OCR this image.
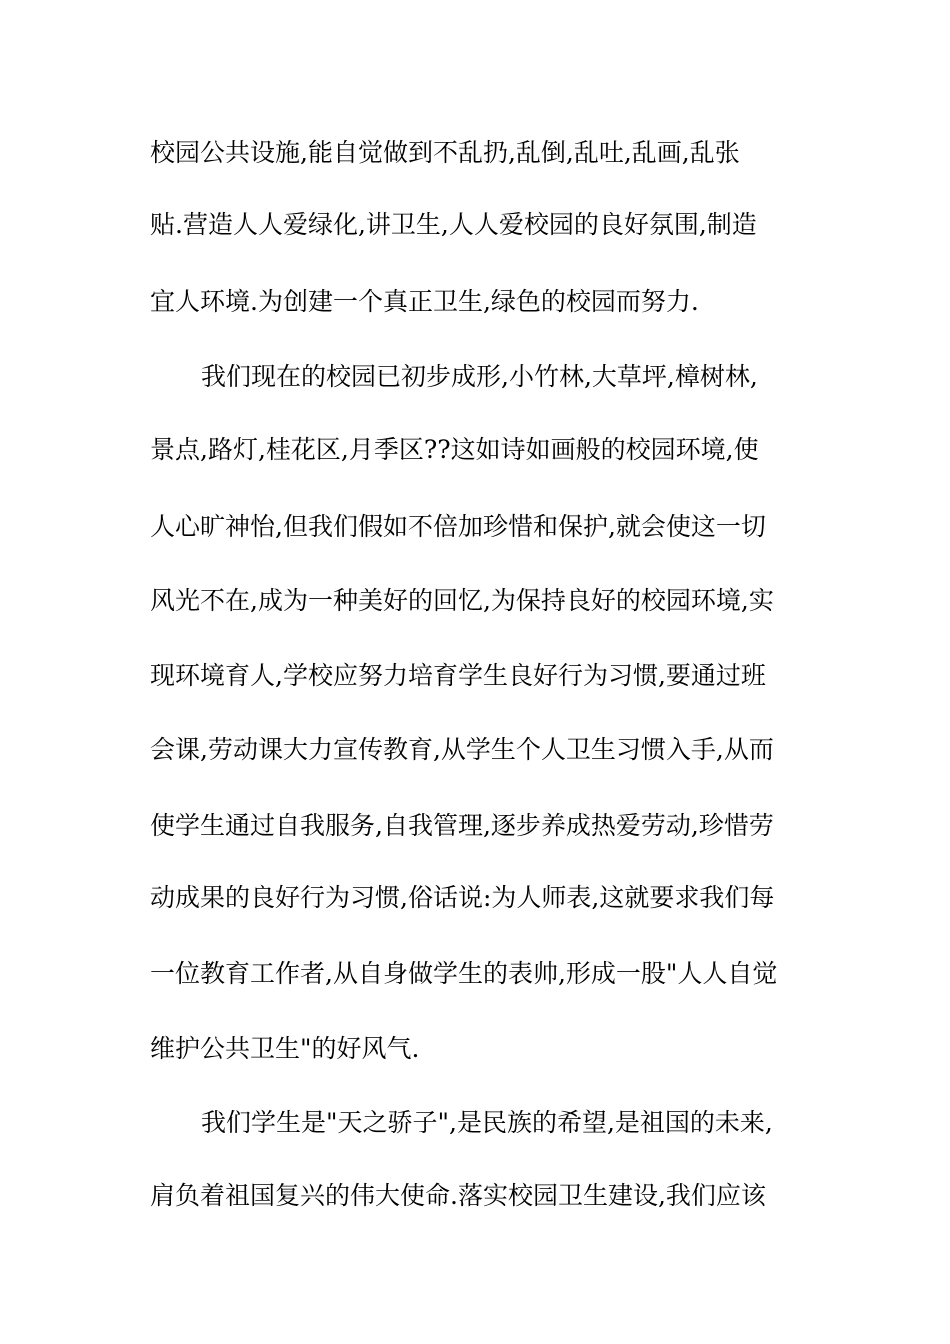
校园公共设施,能自觉做到不乱扔,乱倒,乱吐,乱画,乱张
贴.营造人人爱绿化,讲卫生,人人爱校园的良好氛围,制造
宜人环境.为创建一个真正卫生,绿色的校园而努力.
我们现在的校园已初步成形,小竹林,大草坪,樟树林,
景点,路灯,桂花区,月季区??这如诗如画般的校园环境,使
人心旷神怡,但我们假如不倍加珍惜和保护,就会使这一切
风光不在,成为一种美好的回忆,为保持良好的校园环境,实
现环境育人,学校应努力培育学生良好行为习惯,要通过班
会课,劳动课大力宣传教育,从学生个人卫生习惯入手,从而
使学生通过自我服务,自我管理,逐步养成热爱劳动,珍惜劳
动成果的良好行为习惯,俗话说:为人师表,这就要求我们每
一位教育工作者,从自身做学生的表帅,形成一股"人人自觉
维护公共卫生"的好风气.
我们学生是"天之骄子",是民族的希望,是祖国的未来,
肩负着祖国复兴的伟大使命.落实校园卫生建设,我们应该
